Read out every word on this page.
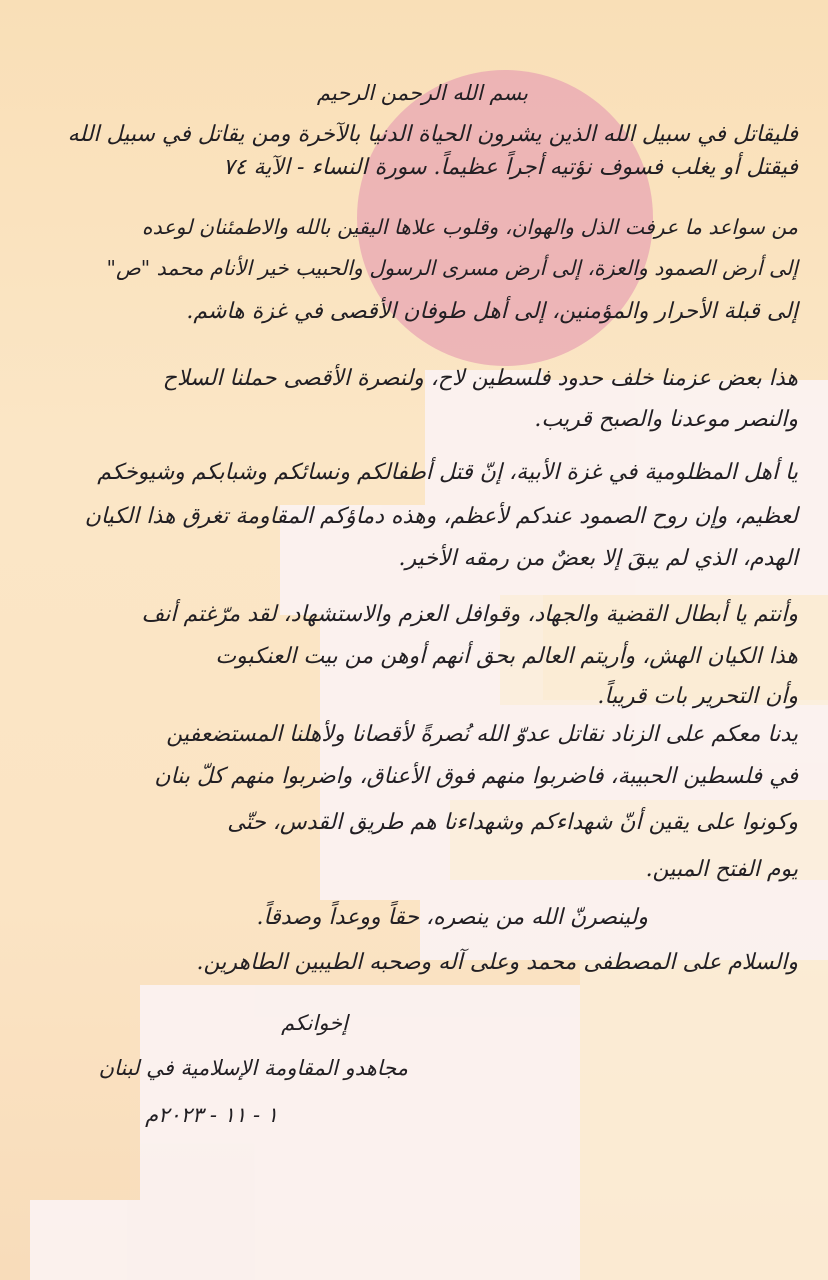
بسم الله الرحمن الرحيم
فليقاتل في سبيل الله الذين يشرون الحياة الدنيا بالآخرة ومن يقاتل في سبيل الله
فيقتل أو يغلب فسوف نؤتيه أجراً عظيماً. سورة النساء - الآية ٧٤
من سواعد ما عرفت الذل والهوان، وقلوب علاها اليقين بالله والاطمئنان لوعده
إلى أرض الصمود والعزة، إلى أرض مسرى الرسول والحبيب خير الأنام محمد "ص"
إلى قبلة الأحرار والمؤمنين، إلى أهل طوفان الأقصى في غزة هاشم.
هذا بعض عزمنا خلف حدود فلسطين لاح، ولنصرة الأقصى حملنا السلاح
والنصر موعدنا والصبح قريب.
يا أهل المظلومية في غزة الأبية، إنّ قتل أطفالكم ونسائكم وشبابكم وشيوخكم
لعظيم، وإن روح الصمود عندكم لأعظم، وهذه دماؤكم المقاومة تغرق هذا الكيان
الهدم، الذي لم يبقَ إلا بعضٌ من رمقه الأخير.
وأنتم يا أبطال القضية والجهاد، وقوافل العزم والاستشهاد، لقد مرّغتم أنف
هذا الكيان الهش، وأريتم العالم بحق أنهم أوهن من بيت العنكبوت
وأن التحرير بات قريباً.
يدنا معكم على الزناد نقاتل عدوّ الله نُصرةً لأقصانا ولأهلنا المستضعفين
في فلسطين الحبيبة، فاضربوا منهم فوق الأعناق، واضربوا منهم كلّ بنان
وكونوا على يقين أنّ شهداءكم وشهداءنا هم طريق القدس، حتّى
يوم الفتح المبين.
ولينصرنّ الله من ينصره، حقاً ووعداً وصدقاً.
والسلام على المصطفى محمد وعلى آله وصحبه الطيبين الطاهرين.
إخوانكم
مجاهدو المقاومة الإسلامية في لبنان
١ - ١١ - ٢٠٢٣م
